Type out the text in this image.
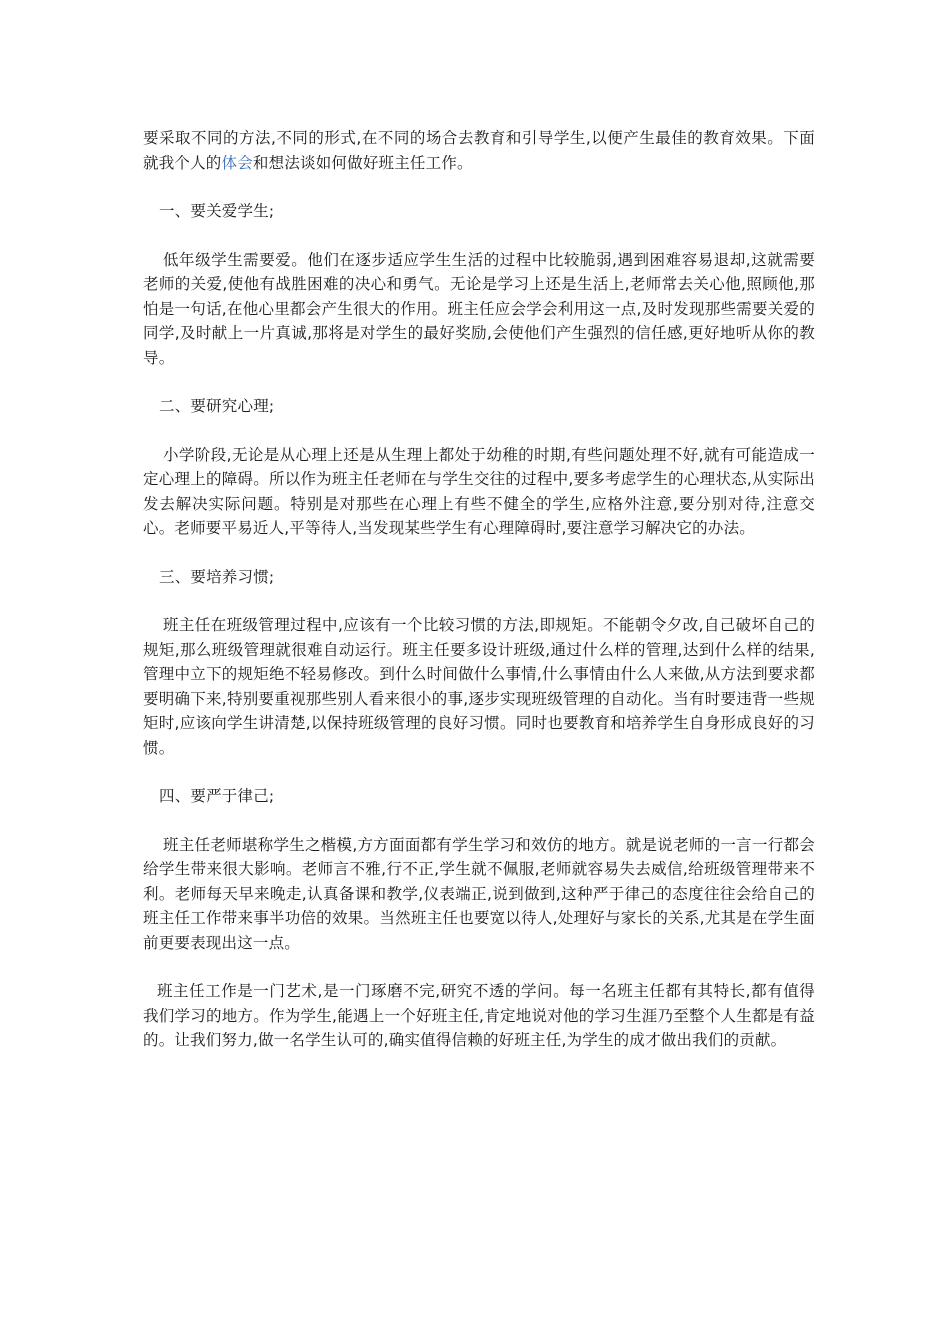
要采取不同的方法,不同的形式,在不同的场合去教育和引导学生,以便产生最佳的教育效果。下面就我个人的体会和想法谈如何做好班主任工作。

一、要关爱学生;

低年级学生需要爱。他们在逐步适应学生生活的过程中比较脆弱,遇到困难容易退却,这就需要老师的关爱,使他有战胜困难的决心和勇气。无论是学习上还是生活上,老师常去关心他,照顾他,那怕是一句话,在他心里都会产生很大的作用。班主任应会学会利用这一点,及时发现那些需要关爱的同学,及时献上一片真诚,那将是对学生的最好奖励,会使他们产生强烈的信任感,更好地听从你的教导。

二、要研究心理;

小学阶段,无论是从心理上还是从生理上都处于幼稚的时期,有些问题处理不好,就有可能造成一定心理上的障碍。所以作为班主任老师在与学生交往的过程中,要多考虑学生的心理状态,从实际出发去解决实际问题。特别是对那些在心理上有些不健全的学生,应格外注意,要分别对待,注意交心。老师要平易近人,平等待人,当发现某些学生有心理障碍时,要注意学习解决它的办法。

三、要培养习惯;

班主任在班级管理过程中,应该有一个比较习惯的方法,即规矩。不能朝令夕改,自己破坏自己的规矩,那么班级管理就很难自动运行。班主任要多设计班级,通过什么样的管理,达到什么样的结果,管理中立下的规矩绝不轻易修改。到什么时间做什么事情,什么事情由什么人来做,从方法到要求都要明确下来,特别要重视那些别人看来很小的事,逐步实现班级管理的自动化。当有时要违背一些规矩时,应该向学生讲清楚,以保持班级管理的良好习惯。同时也要教育和培养学生自身形成良好的习惯。

四、要严于律己;

班主任老师堪称学生之楷模,方方面面都有学生学习和效仿的地方。就是说老师的一言一行都会给学生带来很大影响。老师言不雅,行不正,学生就不佩服,老师就容易失去威信,给班级管理带来不利。老师每天早来晚走,认真备课和教学,仪表端正,说到做到,这种严于律己的态度往往会给自己的班主任工作带来事半功倍的效果。当然班主任也要宽以待人,处理好与家长的关系,尤其是在学生面前更要表现出这一点。

班主任工作是一门艺术,是一门琢磨不完,研究不透的学问。每一名班主任都有其特长,都有值得我们学习的地方。作为学生,能遇上一个好班主任,肯定地说对他的学习生涯乃至整个人生都是有益的。让我们努力,做一名学生认可的,确实值得信赖的好班主任,为学生的成才做出我们的贡献。
